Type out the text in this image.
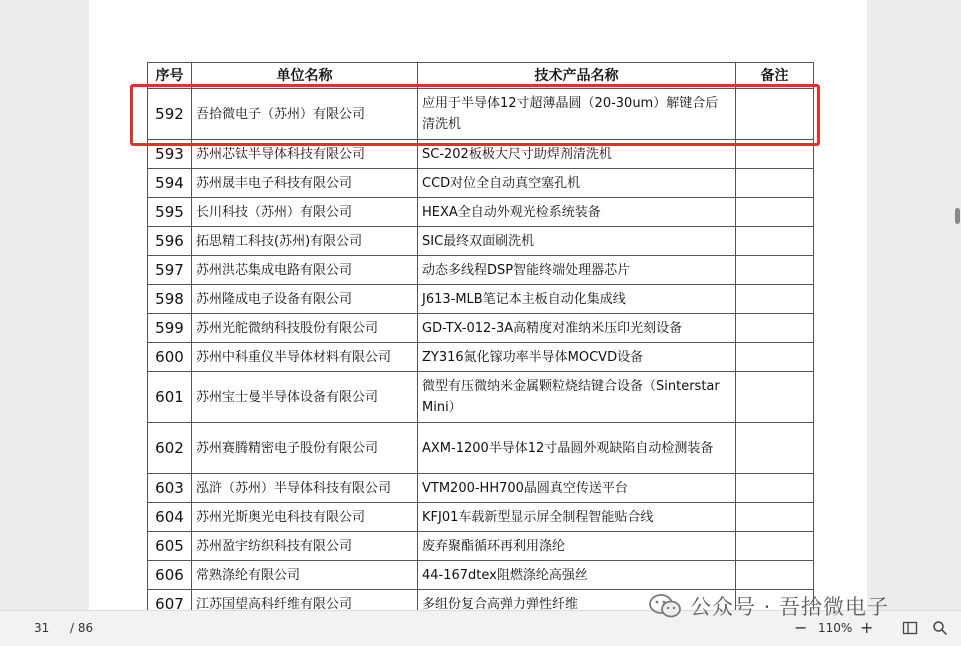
序号	单位名称	技术产品名称	备注
592	吾拾微电子（苏州）有限公司	应用于半导体12寸超薄晶圆（20-30um）解键合后清洗机	
593	苏州芯钛半导体科技有限公司	SC-202板极大尺寸助焊剂清洗机	
594	苏州晟丰电子科技有限公司	CCD对位全自动真空塞孔机	
595	长川科技（苏州）有限公司	HEXA全自动外观光检系统装备	
596	拓思精工科技(苏州)有限公司	SIC最终双面刷洗机	
597	苏州洪芯集成电路有限公司	动态多线程DSP智能终端处理器芯片	
598	苏州隆成电子设备有限公司	J613-MLB笔记本主板自动化集成线	
599	苏州光舵微纳科技股份有限公司	GD-TX-012-3A高精度对准纳米压印光刻设备	
600	苏州中科重仪半导体材料有限公司	ZY316氮化镓功率半导体MOCVD设备	
601	苏州宝士曼半导体设备有限公司	微型有压微纳米金属颗粒烧结键合设备（Sinterstar Mini）	
602	苏州赛腾精密电子股份有限公司	AXM-1200半导体12寸晶圆外观缺陷自动检测装备	
603	泓浒（苏州）半导体科技有限公司	VTM200-HH700晶圆真空传送平台	
604	苏州光斯奥光电科技有限公司	KFJ01车载新型显示屏全制程智能贴合线	
605	苏州盈宇纺织科技有限公司	废弃聚酯循环再利用涤纶	
606	常熟涤纶有限公司	44-167dtex阻燃涤纶高强丝	
607	江苏国望高科纤维有限公司	多组份复合高弹力弹性纤维	
31 / 86	− 110% +
公众号 · 吾拾微电子
